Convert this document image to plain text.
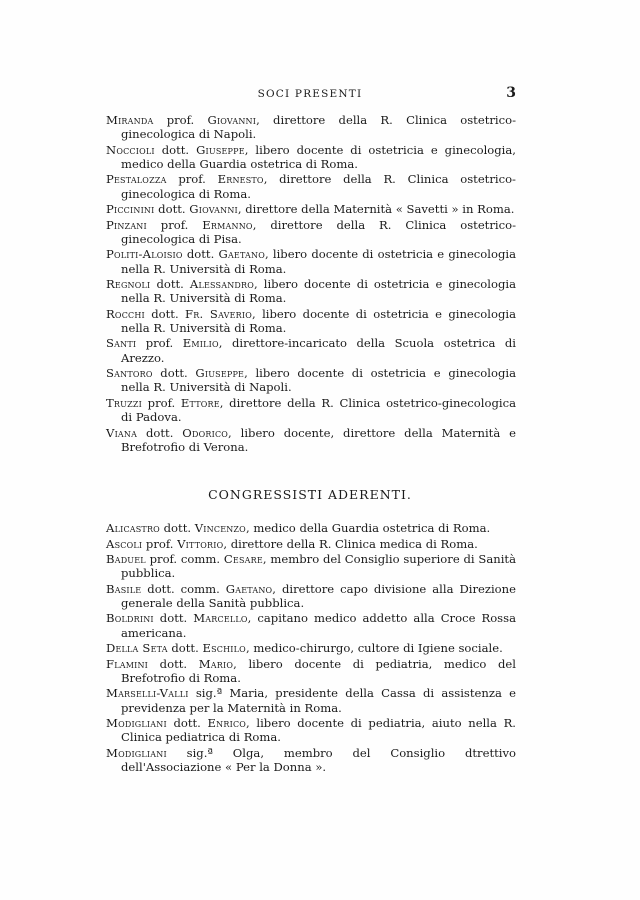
SOCI PRESENTI	3

Miranda prof. Giovanni, direttore della R. Clinica ostetrico-ginecologica di Napoli.

Noccioli dott. Giuseppe, libero docente di ostetricia e ginecologia, medico della Guardia ostetrica di Roma.

Pestalozza prof. Ernesto, direttore della R. Clinica ostetrico-ginecologica di Roma.

Piccinini dott. Giovanni, direttore della Maternità « Savetti » in Roma.

Pinzani prof. Ermanno, direttore della R. Clinica ostetrico-ginecologica di Pisa.

Politi-Aloisio dott. Gaetano, libero docente di ostetricia e ginecologia nella R. Università di Roma.

Regnoli dott. Alessandro, libero docente di ostetricia e ginecologia nella R. Università di Roma.

Rocchi dott. Fr. Saverio, libero docente di ostetricia e ginecologia nella R. Università di Roma.

Santi prof. Emilio, direttore-incaricato della Scuola ostetrica di Arezzo.

Santoro dott. Giuseppe, libero docente di ostetricia e ginecologia nella R. Università di Napoli.

Truzzi prof. Ettore, direttore della R. Clinica ostetrico-ginecologica di Padova.

Viana dott. Odorico, libero docente, direttore della Maternità e Brefotrofio di Verona.

CONGRESSISTI ADERENTI.

Alicastro dott. Vincenzo, medico della Guardia ostetrica di Roma.

Ascoli prof. Vittorio, direttore della R. Clinica medica di Roma.

Baduel prof. comm. Cesare, membro del Consiglio superiore di Sanità pubblica.

Basile dott. comm. Gaetano, direttore capo divisione alla Direzione generale della Sanità pubblica.

Boldrini dott. Marcello, capitano medico addetto alla Croce Rossa americana.

Della Seta dott. Eschilo, medico-chirurgo, cultore di Igiene sociale.

Flamini dott. Mario, libero docente di pediatria, medico del Brefotrofio di Roma.

Marselli-Valli sig.ª Maria, presidente della Cassa di assistenza e previdenza per la Maternità in Roma.

Modigliani dott. Enrico, libero docente di pediatria, aiuto nella R. Clinica pediatrica di Roma.

Modigliani sig.ª Olga, membro del Consiglio dtrettivo dell'Associazione « Per la Donna ».
